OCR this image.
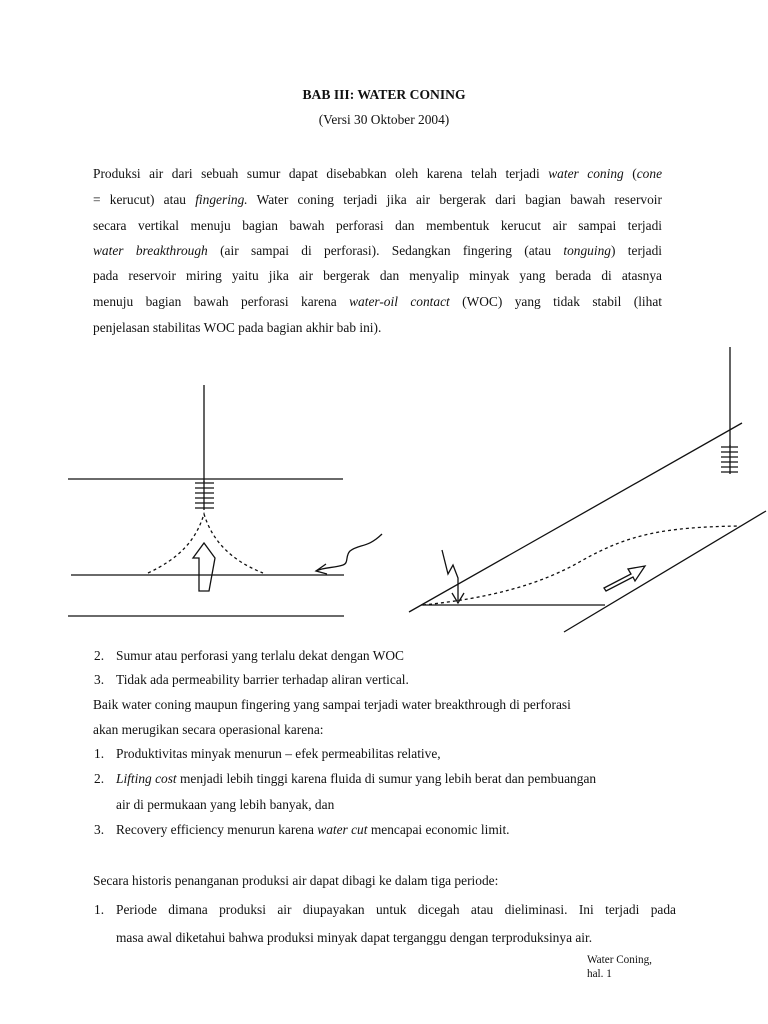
BAB III: WATER CONING
(Versi 30 Oktober 2004)
Produksi air dari sebuah sumur dapat disebabkan oleh karena telah terjadi water coning (cone
= kerucut) atau fingering. Water coning terjadi jika air bergerak dari bagian bawah reservoir
secara vertikal menuju bagian bawah perforasi dan membentuk kerucut air sampai terjadi
water breakthrough (air sampai di perforasi). Sedangkan fingering (atau tonguing) terjadi
pada reservoir miring yaitu jika air bergerak dan menyalip minyak yang berada di atasnya
menuju bagian bawah perforasi karena water-oil contact (WOC) yang tidak stabil (lihat
penjelasan stabilitas WOC pada bagian akhir bab ini).
2. Sumur atau perforasi yang terlalu dekat dengan WOC
3. Tidak ada permeability barrier terhadap aliran vertical.
Baik water coning maupun fingering yang sampai terjadi water breakthrough di perforasi
akan merugikan secara operasional karena:
1. Produktivitas minyak menurun – efek permeabilitas relative,
2. Lifting cost menjadi lebih tinggi karena fluida di sumur yang lebih berat dan pembuangan
air di permukaan yang lebih banyak, dan
3. Recovery efficiency menurun karena water cut mencapai economic limit.
Secara historis penanganan produksi air dapat dibagi ke dalam tiga periode:
1. Periode dimana produksi air diupayakan untuk dicegah atau dieliminasi. Ini terjadi pada
masa awal diketahui bahwa produksi minyak dapat terganggu dengan terproduksinya air.
Water Coning,
hal. 1
